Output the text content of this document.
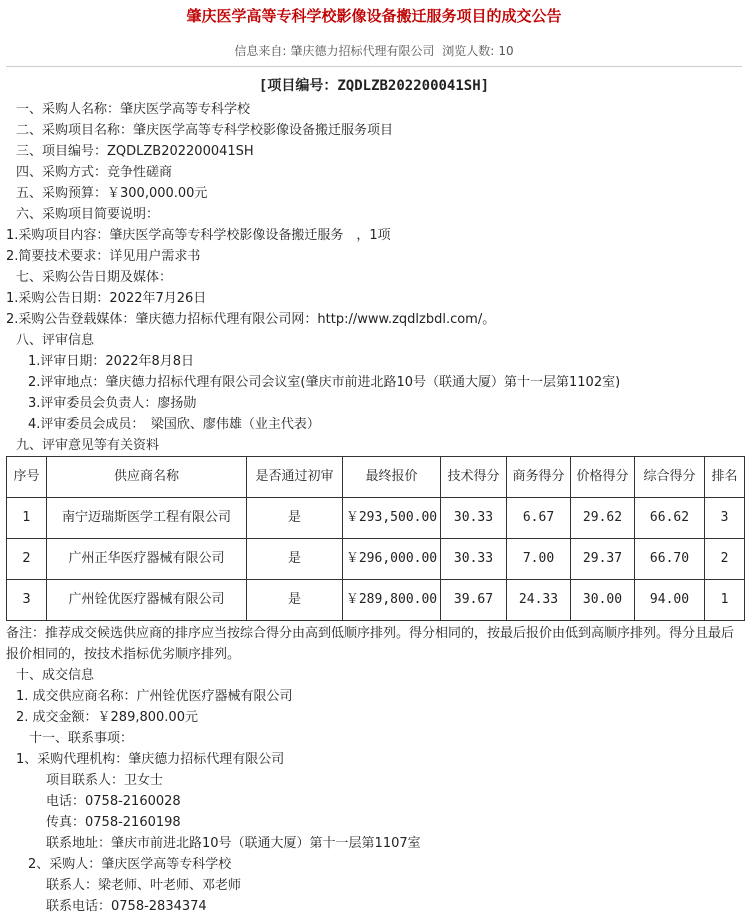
肇庆医学高等专科学校影像设备搬迁服务项目的成交公告
信息来自: 肇庆德力招标代理有限公司 浏览人数: 10
[项目编号：ZQDLZB202200041SH]
一、采购人名称：肇庆医学高等专科学校
二、采购项目名称：肇庆医学高等专科学校影像设备搬迁服务项目
三、项目编号：ZQDLZB202200041SH
四、采购方式：竞争性磋商
五、采购预算：￥300,000.00元
六、采购项目简要说明：
1.采购项目内容：肇庆医学高等专科学校影像设备搬迁服务　，1项
2.简要技术要求：详见用户需求书
七、采购公告日期及媒体：
1.采购公告日期：2022年7月26日
2.采购公告登载媒体：肇庆德力招标代理有限公司网：http://www.zqdlzbdl.com/。
八、评审信息
1.评审日期：2022年8月8日
2.评审地点：肇庆德力招标代理有限公司会议室(肇庆市前进北路10号（联通大厦）第十一层第1102室)
3.评审委员会负责人：廖扬勋
4.评审委员会成员：　梁国欣、廖伟雄（业主代表）
九、评审意见等有关资料
序号	供应商名称	是否通过初审	最终报价	技术得分	商务得分	价格得分	综合得分	排名
1	南宁迈瑞斯医学工程有限公司	是	￥293,500.00	30.33	6.67	29.62	66.62	3
2	广州正华医疗器械有限公司	是	￥296,000.00	30.33	7.00	29.37	66.70	2
3	广州铨优医疗器械有限公司	是	￥289,800.00	39.67	24.33	30.00	94.00	1
备注：推荐成交候选供应商的排序应当按综合得分由高到低顺序排列。得分相同的，按最后报价由低到高顺序排列。得分且最后报价相同的，按技术指标优劣顺序排列。
十、成交信息
1. 成交供应商名称：广州铨优医疗器械有限公司
2. 成交金额：￥289,800.00元
　十一、联系事项：
1、采购代理机构：肇庆德力招标代理有限公司
项目联系人：卫女士
电话：0758-2160028
传真：0758-2160198
联系地址：肇庆市前进北路10号（联通大厦）第十一层第1107室
2、采购人：肇庆医学高等专科学校
联系人：梁老师、叶老师、邓老师
联系电话：0758-2834374
